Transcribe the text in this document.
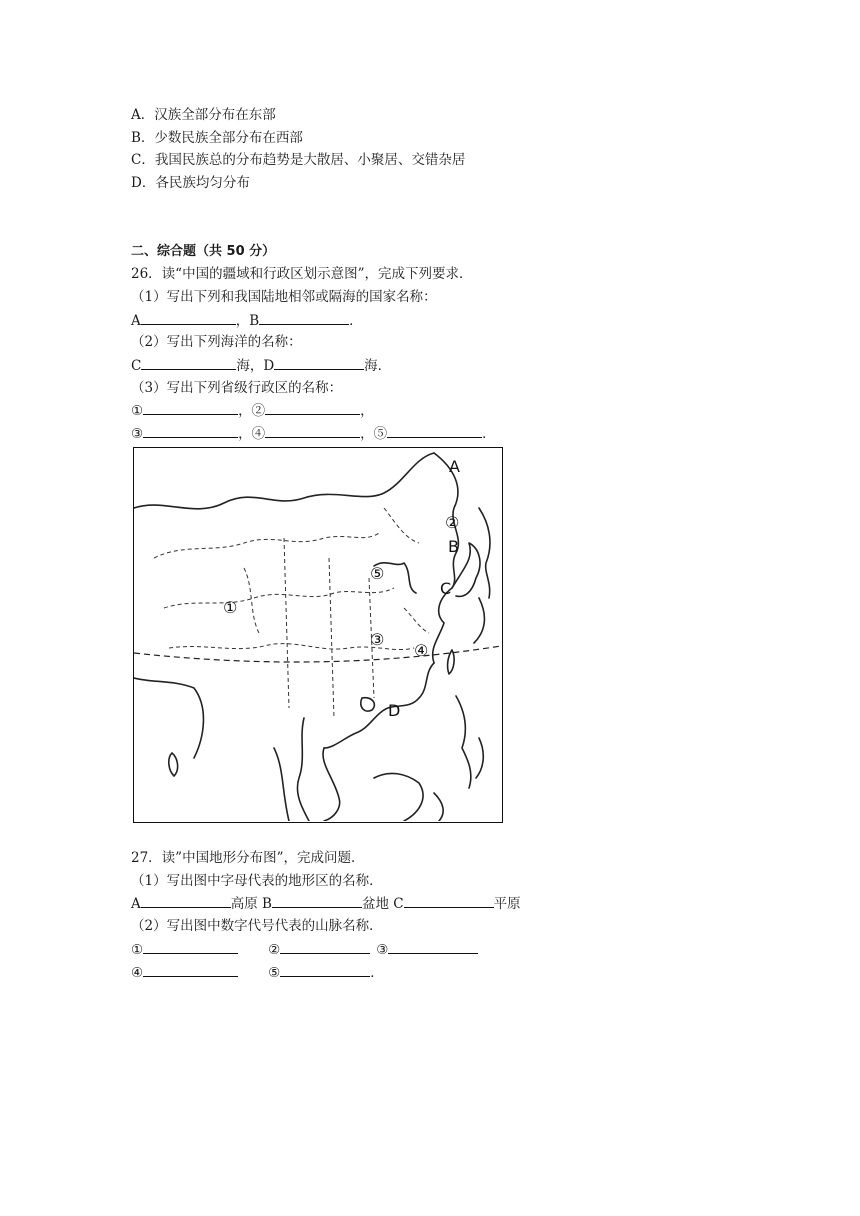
A．汉族全部分布在东部
B．少数民族全部分布在西部
C．我国民族总的分布趋势是大散居、小聚居、交错杂居
D．各民族均匀分布
二、综合题（共 50 分）
26．读“中国的疆域和行政区划示意图”，完成下列要求．
（1）写出下列和我国陆地相邻或隔海的国家名称：
A	，B	．
（2）写出下列海洋的名称：
C	海，D	海．
（3）写出下列省级行政区的名称：
①	，②	，
③	，④	，⑤	．
A
B
C
D
①
②
③
④
⑤
27．读”中国地形分布图”，完成问题．
（1）写出图中字母代表的地形区的名称．
A	高原 B	盆地 C	平原
（2）写出图中数字代号代表的山脉名称．
①	②	③
④	⑤	．
